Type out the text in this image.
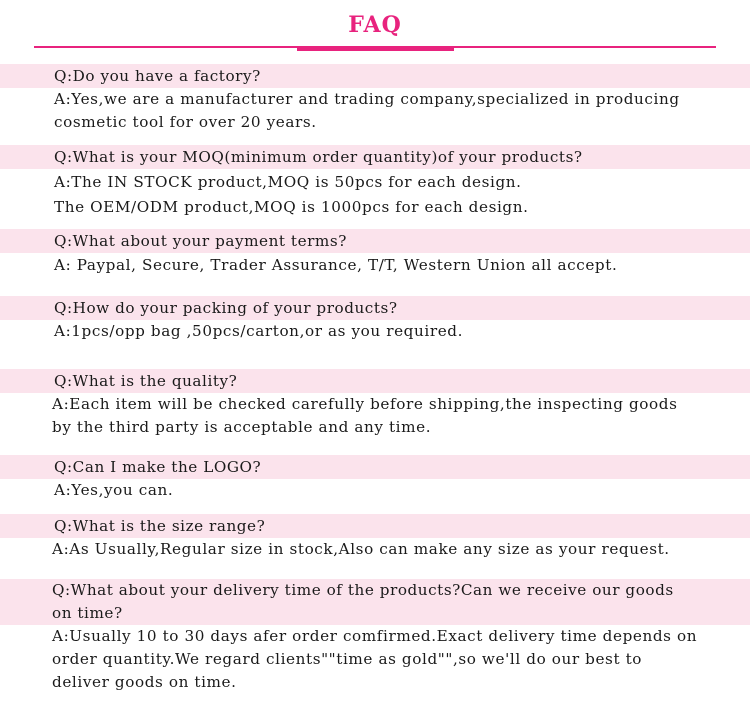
FAQ
Q:Do you have a factory?
A:Yes,we are a manufacturer and trading company,specialized in producing cosmetic tool for over 20 years.
Q:What is your MOQ(minimum order quantity)of your products?
A:The IN STOCK product,MOQ is 50pcs for each design.
The OEM/ODM product,MOQ is 1000pcs for each design.
Q:What about your payment terms?
A: Paypal, Secure, Trader Assurance, T/T, Western Union all accept.
Q:How do your packing of your products?
A:1pcs/opp bag ,50pcs/carton,or as you required.
Q:What is the quality?
A:Each item will be checked carefully before shipping,the inspecting goods by the third party is acceptable and any time.
Q:Can I make the LOGO?
A:Yes,you can.
Q:What is the size range?
A:As Usually,Regular size in stock,Also can make any size as your request.
Q:What about your delivery time of the products?Can we receive our goods on time?
A:Usually 10 to 30 days afer order comfirmed.Exact delivery time depends on order quantity.We regard clients""time as gold"",so we'll do our best to deliver goods on time.
